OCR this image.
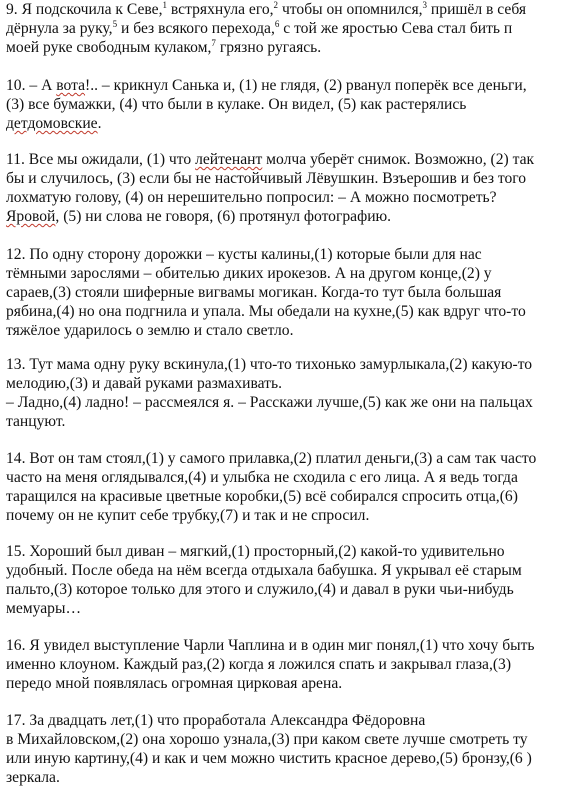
9. Я подскочила к Севе,$^1$ встряхнула его,$^2$ чтобы он опомнился,$^3$ пришёл в себя
дёрнула за руку,$^5$ и без всякого перехода,$^6$ с той же яростью Сева стал бить п
моей руке свободным кулаком,$^7$ грязно ругаясь.
10. – А вота!.. – крикнул Санька и, (1) не глядя, (2) рванул поперёк все деньги,
(3) все бумажки, (4) что были в кулаке. Он видел, (5) как растерялись
детдомовские.
11. Все мы ожидали, (1) что лейтенант молча уберёт снимок. Возможно, (2) так
бы и случилось, (3) если бы не настойчивый Лёвушкин. Взъерошив и без того
лохматую голову, (4) он нерешительно попросил: – А можно посмотреть?
Яровой, (5) ни слова не говоря, (6) протянул фотографию.
12. По одну сторону дорожки – кусты калины,(1) которые были для нас
тёмными зарослями – обителью диких ирокезов. А на другом конце,(2) у
сараев,(3) стояли шиферные вигвамы могикан. Когда-то тут была большая
рябина,(4) но она подгнила и упала. Мы обедали на кухне,(5) как вдруг что-то
тяжёлое ударилось о землю и стало светло.
13. Тут мама одну руку вскинула,(1) что-то тихонько замурлыкала,(2) какую-то
мелодию,(3) и давай руками размахивать.
– Ладно,(4) ладно! – рассмеялся я. – Расскажи лучше,(5) как же они на пальцах
танцуют.
14. Вот он там стоял,(1) у самого прилавка,(2) платил деньги,(3) а сам так часто
часто на меня оглядывался,(4) и улыбка не сходила с его лица. А я ведь тогда
таращился на красивые цветные коробки,(5) всё собирался спросить отца,(6)
почему он не купит себе трубку,(7) и так и не спросил.
15. Хороший был диван – мягкий,(1) просторный,(2) какой-то удивительно
удобный. После обеда на нём всегда отдыхала бабушка. Я укрывал её старым
пальто,(3) которое только для этого и служило,(4) и давал в руки чьи-нибудь
мемуары…
16. Я увидел выступление Чарли Чаплина и в один миг понял,(1) что хочу быть
именно клоуном. Каждый раз,(2) когда я ложился спать и закрывал глаза,(3)
передо мной появлялась огромная цирковая арена.
17. За двадцать лет,(1) что проработала Александра Фёдоровна
в Михайловском,(2) она хорошо узнала,(3) при каком свете лучше смотреть ту
или иную картину,(4) и как и чем можно чистить красное дерево,(5) бронзу,(6 )
зеркала.
